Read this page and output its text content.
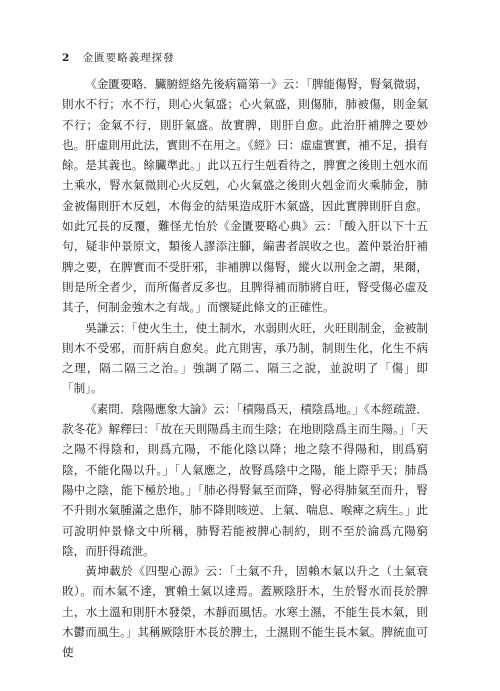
2 金匱要略義理探發

《金匱要略．臟腑經絡先後病篇第一》云：「脾能傷腎，腎氣微弱，則水不行；水不行，則心火氣盛；心火氣盛，則傷肺，肺被傷，則金氣不行；金氣不行，則肝氣盛。故實脾，則肝自愈。此治肝補脾之要妙也。肝虛則用此法，實則不在用之。《經》曰：虛虛實實，補不足，損有餘。是其義也。餘臟準此。」此以五行生剋看待之，脾實之後則土剋水而土乘水，腎水氣微則心火反剋，心火氣盛之後則火剋金而火乘肺金，肺金被傷則肝木反剋，木侮金的結果造成肝木氣盛，因此實脾則肝自愈。如此冗長的反覆，難怪尤怡於《金匱要略心典》云：「酸入肝以下十五句，疑非仲景原文，類後人謬添注腳，編書者誤收之也。蓋仲景治肝補脾之要，在脾實而不受肝邪，非補脾以傷腎，縱火以刑金之謂，果爾，則是所全者少，而所傷者反多也。且脾得補而肺將自旺，腎受傷必虛及其子，何制金強木之有哉。」而懷疑此條文的正確性。

吳謙云：「使火生土，使土制水，水弱則火旺，火旺則制金，金被制則木不受邪，而肝病自愈矣。此亢則害，承乃制，制則生化，化生不病之理，隔二隔三之治。」強調了隔二、隔三之說，並說明了「傷」即「制」。

《素問．陰陽應象大論》云：「積陽爲天，積陰爲地。」《本經疏證．款冬花》解釋曰：「故在天則陽爲主而生陰；在地則陰爲主而生陽。」「天之陽不得陰和，則爲亢陽，不能化陰以降；地之陰不得陽和，則爲窮陰，不能化陽以升。」「人氣應之，故腎爲陰中之陽，能上際乎天；肺爲陽中之陰，能下極於地。」「肺必得腎氣至而降，腎必得肺氣至而升，腎不升則水氣腫滿之患作，肺不降則咳逆、上氣、喘息、喉痺之病生。」此可說明仲景條文中所稱，肺腎若能被脾心制約，則不至於淪爲亢陽窮陰，而肝得疏泄。

黃坤載於《四聖心源》云：「土氣不升，固賴木氣以升之（土氣衰敗）。而木氣不達，實賴土氣以達焉。蓋厥陰肝木，生於腎水而長於脾土，水土溫和則肝木發榮，木靜而風恬。水寒土濕，不能生長木氣，則木鬱而風生。」其稱厥陰肝木長於脾土，土濕則不能生長木氣。脾統血可使
